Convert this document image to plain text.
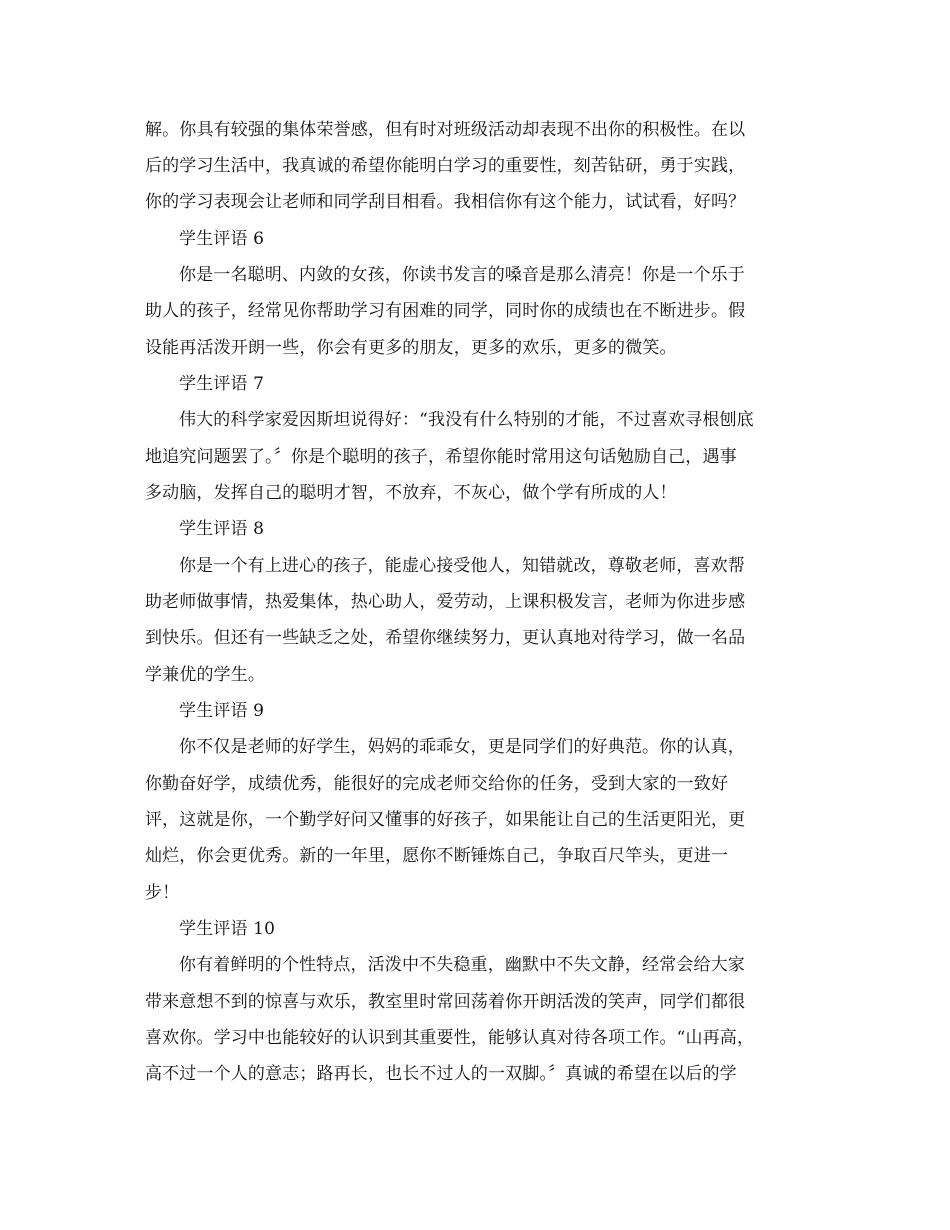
解。你具有较强的集体荣誉感，但有时对班级活动却表现不出你的积极性。在以
后的学习生活中，我真诚的希望你能明白学习的重要性，刻苦钻研，勇于实践，
你的学习表现会让老师和同学刮目相看。我相信你有这个能力，试试看，好吗？
学生评语 6
你是一名聪明、内敛的女孩，你读书发言的嗓音是那么清亮！你是一个乐于
助人的孩子，经常见你帮助学习有困难的同学，同时你的成绩也在不断进步。假
设能再活泼开朗一些，你会有更多的朋友，更多的欢乐，更多的微笑。
学生评语 7
伟大的科学家爱因斯坦说得好：“我没有什么特别的才能，不过喜欢寻根刨底
地追究问题罢了。〞你是个聪明的孩子，希望你能时常用这句话勉励自己，遇事
多动脑，发挥自己的聪明才智，不放弃，不灰心，做个学有所成的人！
学生评语 8
你是一个有上进心的孩子，能虚心接受他人，知错就改，尊敬老师，喜欢帮
助老师做事情，热爱集体，热心助人，爱劳动，上课积极发言，老师为你进步感
到快乐。但还有一些缺乏之处，希望你继续努力，更认真地对待学习，做一名品
学兼优的学生。
学生评语 9
你不仅是老师的好学生，妈妈的乖乖女，更是同学们的好典范。你的认真，
你勤奋好学，成绩优秀，能很好的完成老师交给你的任务，受到大家的一致好
评，这就是你，一个勤学好问又懂事的好孩子，如果能让自己的生活更阳光，更
灿烂，你会更优秀。新的一年里，愿你不断锤炼自己，争取百尺竿头，更进一
步！
学生评语 10
你有着鲜明的个性特点，活泼中不失稳重，幽默中不失文静，经常会给大家
带来意想不到的惊喜与欢乐，教室里时常回荡着你开朗活泼的笑声，同学们都很
喜欢你。学习中也能较好的认识到其重要性，能够认真对待各项工作。“山再高，
高不过一个人的意志；路再长，也长不过人的一双脚。〞真诚的希望在以后的学
